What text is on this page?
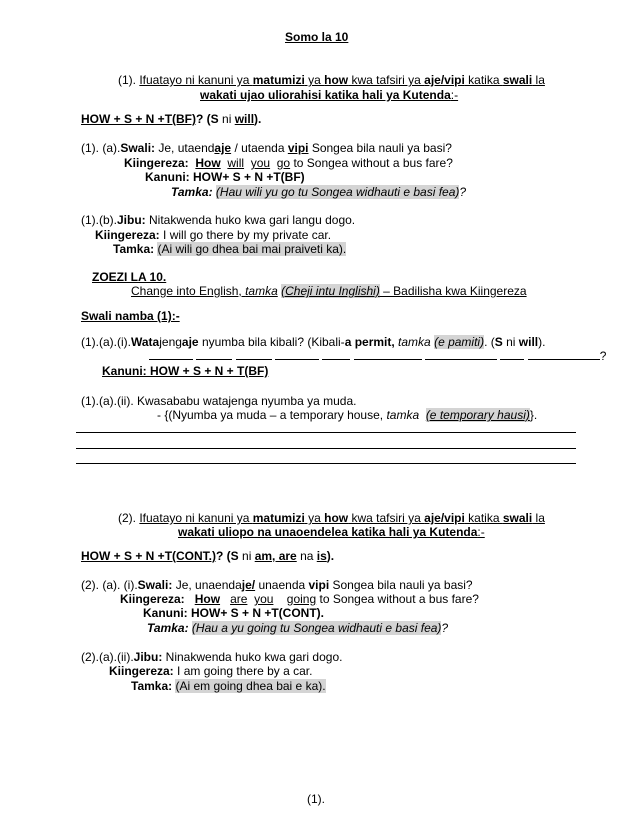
Somo la 10
(1). Ifuatayo ni kanuni ya matumizi ya how kwa tafsiri ya aje/vipi katika swali la
wakati ujao uliorahisi katika hali ya Kutenda:-
HOW + S + N +T(BF)? (S ni will).
(1). (a).Swali: Je, utaendaje / utaenda vipi Songea bila nauli ya basi?
Kiingereza: How will you go to Songea without a bus fare?
Kanuni: HOW+ S + N +T(BF)
Tamka: (Hau wili yu go tu Songea widhauti e basi fea)?
(1).(b).Jibu: Nitakwenda huko kwa gari langu dogo.
Kiingereza: I will go there by my private car.
Tamka: (Ai wili go dhea bai mai praiveti ka).
ZOEZI LA 10.
Change into English, tamka (Cheji intu Inglishi) – Badilisha kwa Kiingereza
Swali namba (1):-
(1).(a).(i).Watajengaje nyumba bila kibali? (Kibali-a permit, tamka (e pamiti). (S ni will).
?
Kanuni: HOW + S + N + T(BF)
(1).(a).(ii). Kwasababu watajenga nyumba ya muda.
- {(Nyumba ya muda – a temporary house, tamka (e temporary hausi)}.
(2). Ifuatayo ni kanuni ya matumizi ya how kwa tafsiri ya aje/vipi katika swali la
wakati uliopo na unaoendelea katika hali ya Kutenda:-
HOW + S + N +T(CONT.)? (S ni am, are na is).
(2). (a). (i).Swali: Je, unaendaje/ unaenda vipi Songea bila nauli ya basi?
Kiingereza: How are you going to Songea without a bus fare?
Kanuni: HOW+ S + N +T(CONT).
Tamka: (Hau a yu going tu Songea widhauti e basi fea)?
(2).(a).(ii).Jibu: Ninakwenda huko kwa gari dogo.
Kiingereza: I am going there by a car.
Tamka: (Ai em going dhea bai e ka).
(1).
